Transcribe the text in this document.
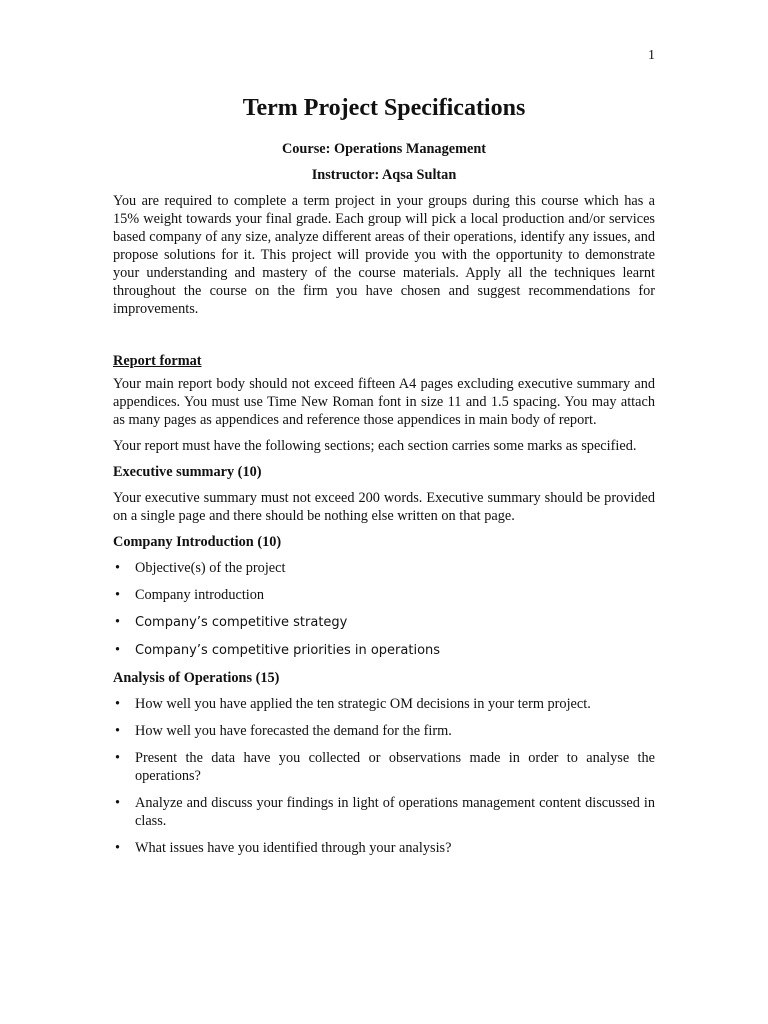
1
Term Project Specifications
Course: Operations Management
Instructor: Aqsa Sultan

You are required to complete a term project in your groups during this course which has a 15% weight towards your final grade. Each group will pick a local production and/or services based company of any size, analyze different areas of their operations, identify any issues, and propose solutions for it. This project will provide you with the opportunity to demonstrate your understanding and mastery of the course materials. Apply all the techniques learnt throughout the course on the firm you have chosen and suggest recommendations for improvements.

Report format

Your main report body should not exceed fifteen A4 pages excluding executive summary and appendices. You must use Time New Roman font in size 11 and 1.5 spacing. You may attach as many pages as appendices and reference those appendices in main body of report.

Your report must have the following sections; each section carries some marks as specified.

Executive summary (10)

Your executive summary must not exceed 200 words. Executive summary should be provided on a single page and there should be nothing else written on that page.

Company Introduction (10)
• Objective(s) of the project
• Company introduction
• Company’s competitive strategy
• Company’s competitive priorities in operations
Analysis of Operations (15)
• How well you have applied the ten strategic OM decisions in your term project.
• How well you have forecasted the demand for the firm.
• Present the data have you collected or observations made in order to analyse the operations?
• Analyze and discuss your findings in light of operations management content discussed in class.
• What issues have you identified through your analysis?
